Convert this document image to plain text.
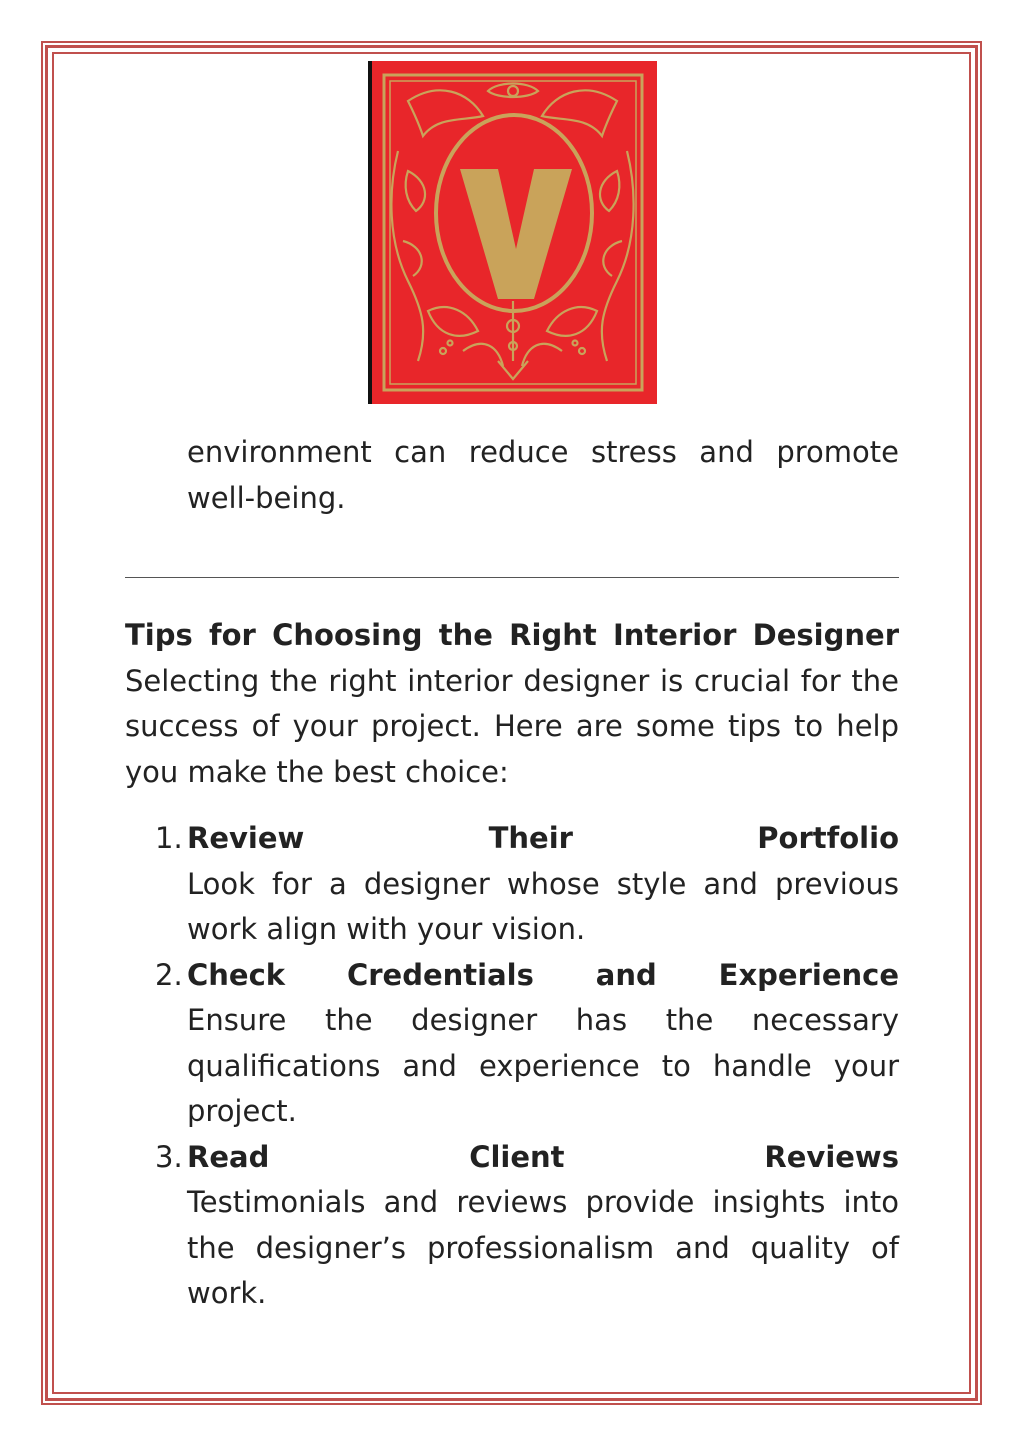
environment can reduce stress and promote well-being.

Tips for Choosing the Right Interior Designer Selecting the right interior designer is crucial for the success of your project. Here are some tips to help you make the best choice:

1. Review Their Portfolio
Look for a designer whose style and previous work align with your vision.
2. Check Credentials and Experience
Ensure the designer has the necessary qualifications and experience to handle your project.
3. Read Client Reviews
Testimonials and reviews provide insights into the designer’s professionalism and quality of work.
